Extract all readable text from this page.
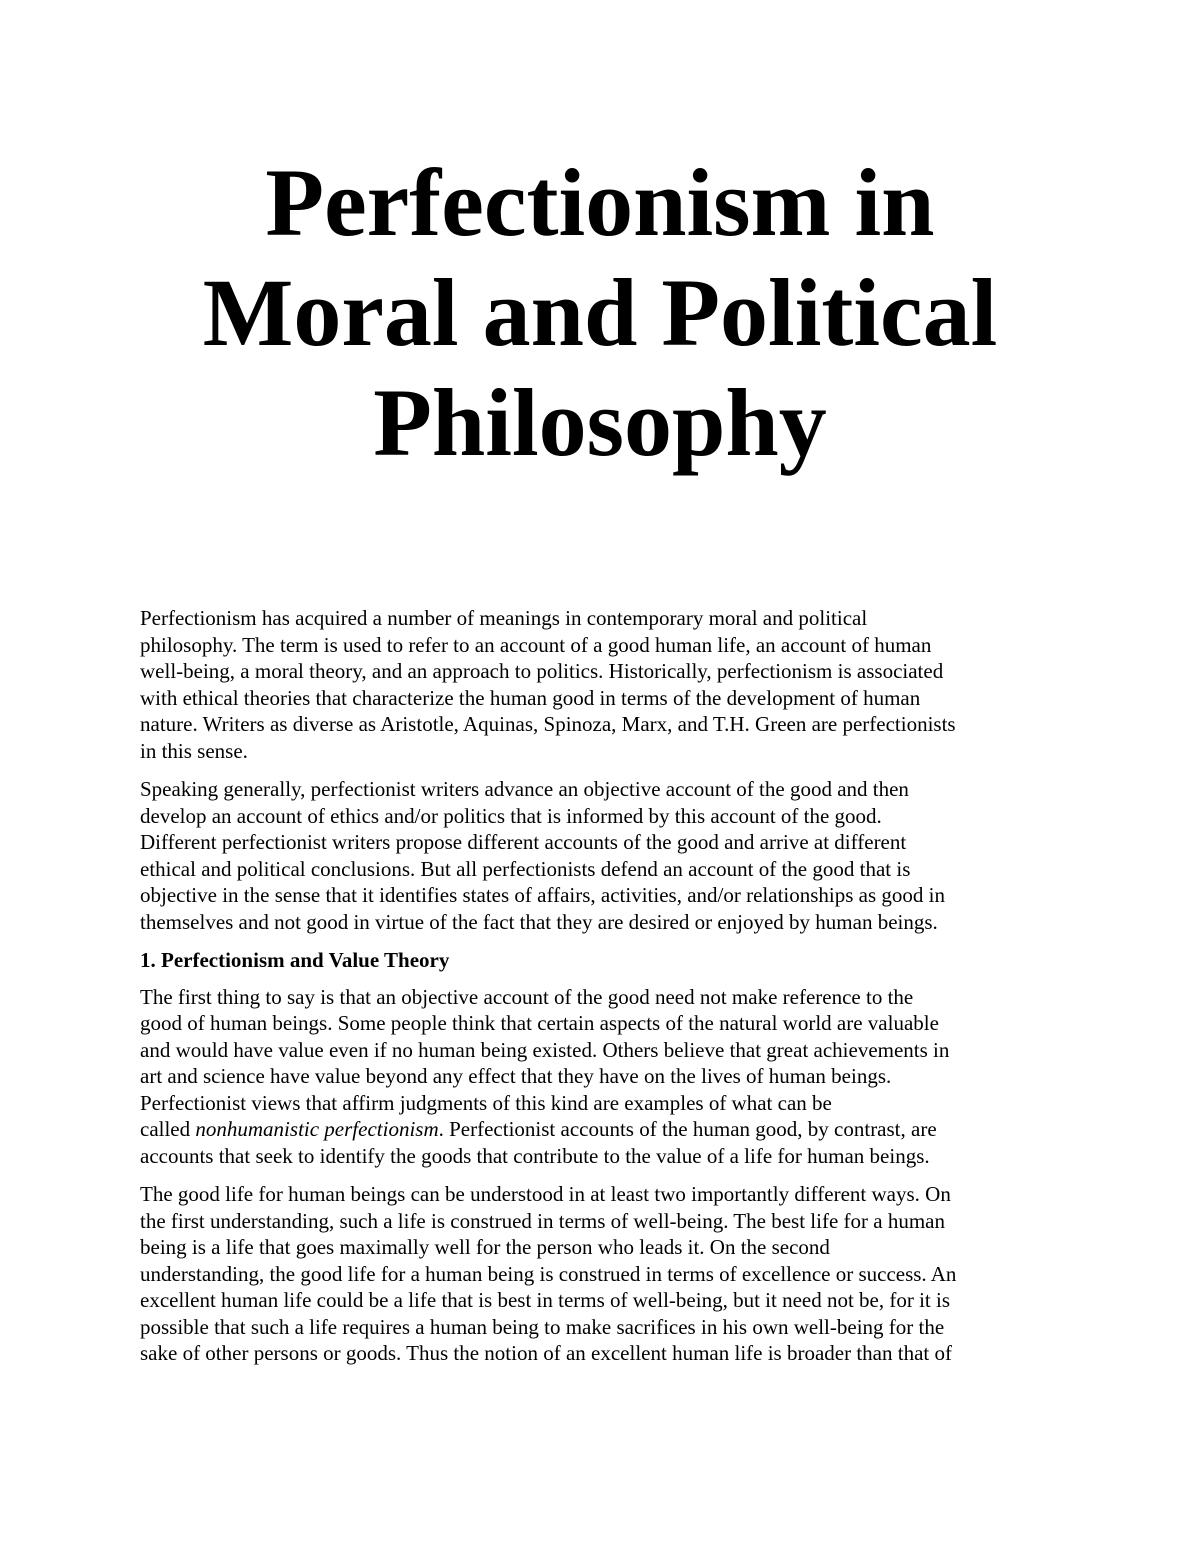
Perfectionism in
Moral and Political
Philosophy

Perfectionism has acquired a number of meanings in contemporary moral and political
philosophy. The term is used to refer to an account of a good human life, an account of human
well-being, a moral theory, and an approach to politics. Historically, perfectionism is associated
with ethical theories that characterize the human good in terms of the development of human
nature. Writers as diverse as Aristotle, Aquinas, Spinoza, Marx, and T.H. Green are perfectionists
in this sense.

Speaking generally, perfectionist writers advance an objective account of the good and then
develop an account of ethics and/or politics that is informed by this account of the good.
Different perfectionist writers propose different accounts of the good and arrive at different
ethical and political conclusions. But all perfectionists defend an account of the good that is
objective in the sense that it identifies states of affairs, activities, and/or relationships as good in
themselves and not good in virtue of the fact that they are desired or enjoyed by human beings.

1. Perfectionism and Value Theory

The first thing to say is that an objective account of the good need not make reference to the
good of human beings. Some people think that certain aspects of the natural world are valuable
and would have value even if no human being existed. Others believe that great achievements in
art and science have value beyond any effect that they have on the lives of human beings.
Perfectionist views that affirm judgments of this kind are examples of what can be
called nonhumanistic perfectionism. Perfectionist accounts of the human good, by contrast, are
accounts that seek to identify the goods that contribute to the value of a life for human beings.

The good life for human beings can be understood in at least two importantly different ways. On
the first understanding, such a life is construed in terms of well-being. The best life for a human
being is a life that goes maximally well for the person who leads it. On the second
understanding, the good life for a human being is construed in terms of excellence or success. An
excellent human life could be a life that is best in terms of well-being, but it need not be, for it is
possible that such a life requires a human being to make sacrifices in his own well-being for the
sake of other persons or goods. Thus the notion of an excellent human life is broader than that of
